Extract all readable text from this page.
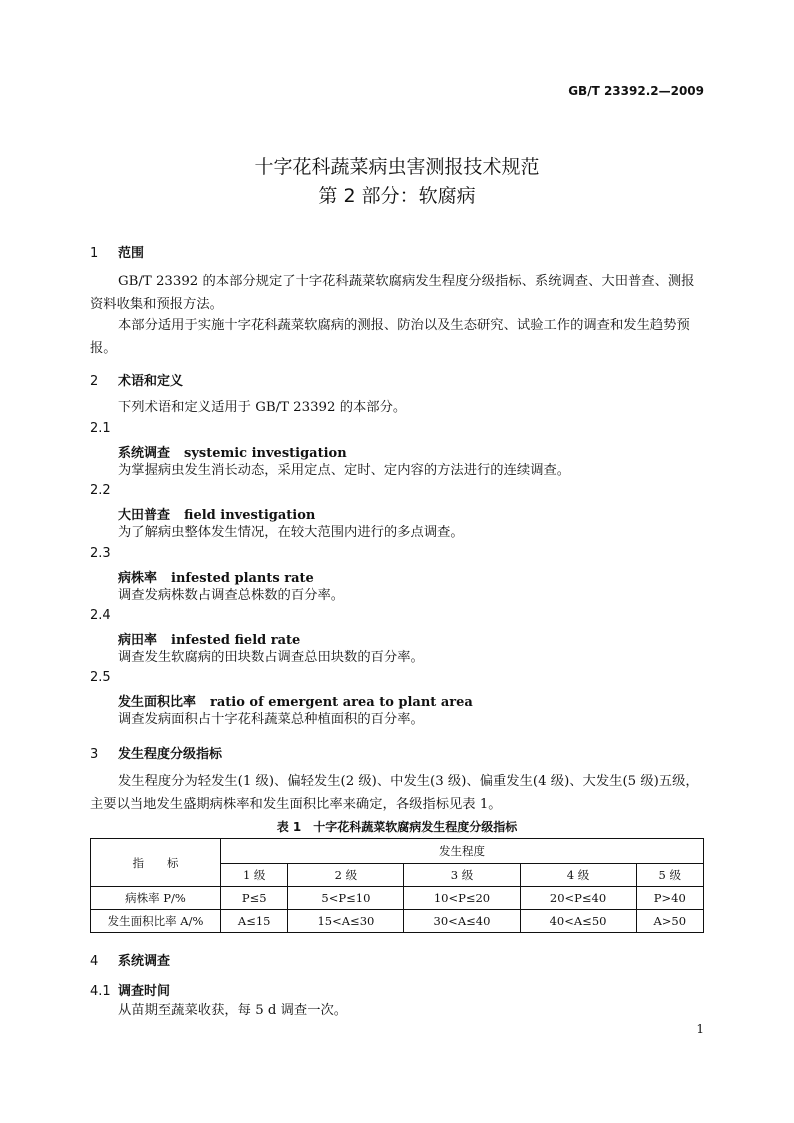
GB/T 23392.2—2009
十字花科蔬菜病虫害测报技术规范
第 2 部分：软腐病
1 范围
GB/T 23392 的本部分规定了十字花科蔬菜软腐病发生程度分级指标、系统调查、大田普查、测报资料收集和预报方法。
本部分适用于实施十字花科蔬菜软腐病的测报、防治以及生态研究、试验工作的调查和发生趋势预报。
2 术语和定义
下列术语和定义适用于 GB/T 23392 的本部分。
2.1
系统调查 systemic investigation
为掌握病虫发生消长动态，采用定点、定时、定内容的方法进行的连续调查。
2.2
大田普查 field investigation
为了解病虫整体发生情况，在较大范围内进行的多点调查。
2.3
病株率 infested plants rate
调查发病株数占调查总株数的百分率。
2.4
病田率 infested field rate
调查发生软腐病的田块数占调查总田块数的百分率。
2.5
发生面积比率 ratio of emergent area to plant area
调查发病面积占十字花科蔬菜总种植面积的百分率。
3 发生程度分级指标
发生程度分为轻发生(1 级)、偏轻发生(2 级)、中发生(3 级)、偏重发生(4 级)、大发生(5 级)五级，主要以当地发生盛期病株率和发生面积比率来确定，各级指标见表 1。
表 1　十字花科蔬菜软腐病发生程度分级指标
指　　标	发生程度				
	1 级	2 级	3 级	4 级	5 级
病株率 P/%	P≤5	5<P≤10	10<P≤20	20<P≤40	P>40
发生面积比率 A/%	A≤15	15<A≤30	30<A≤40	40<A≤50	A>50
4 系统调查
4.1 调查时间
从苗期至蔬菜收获，每 5 d 调查一次。
1
